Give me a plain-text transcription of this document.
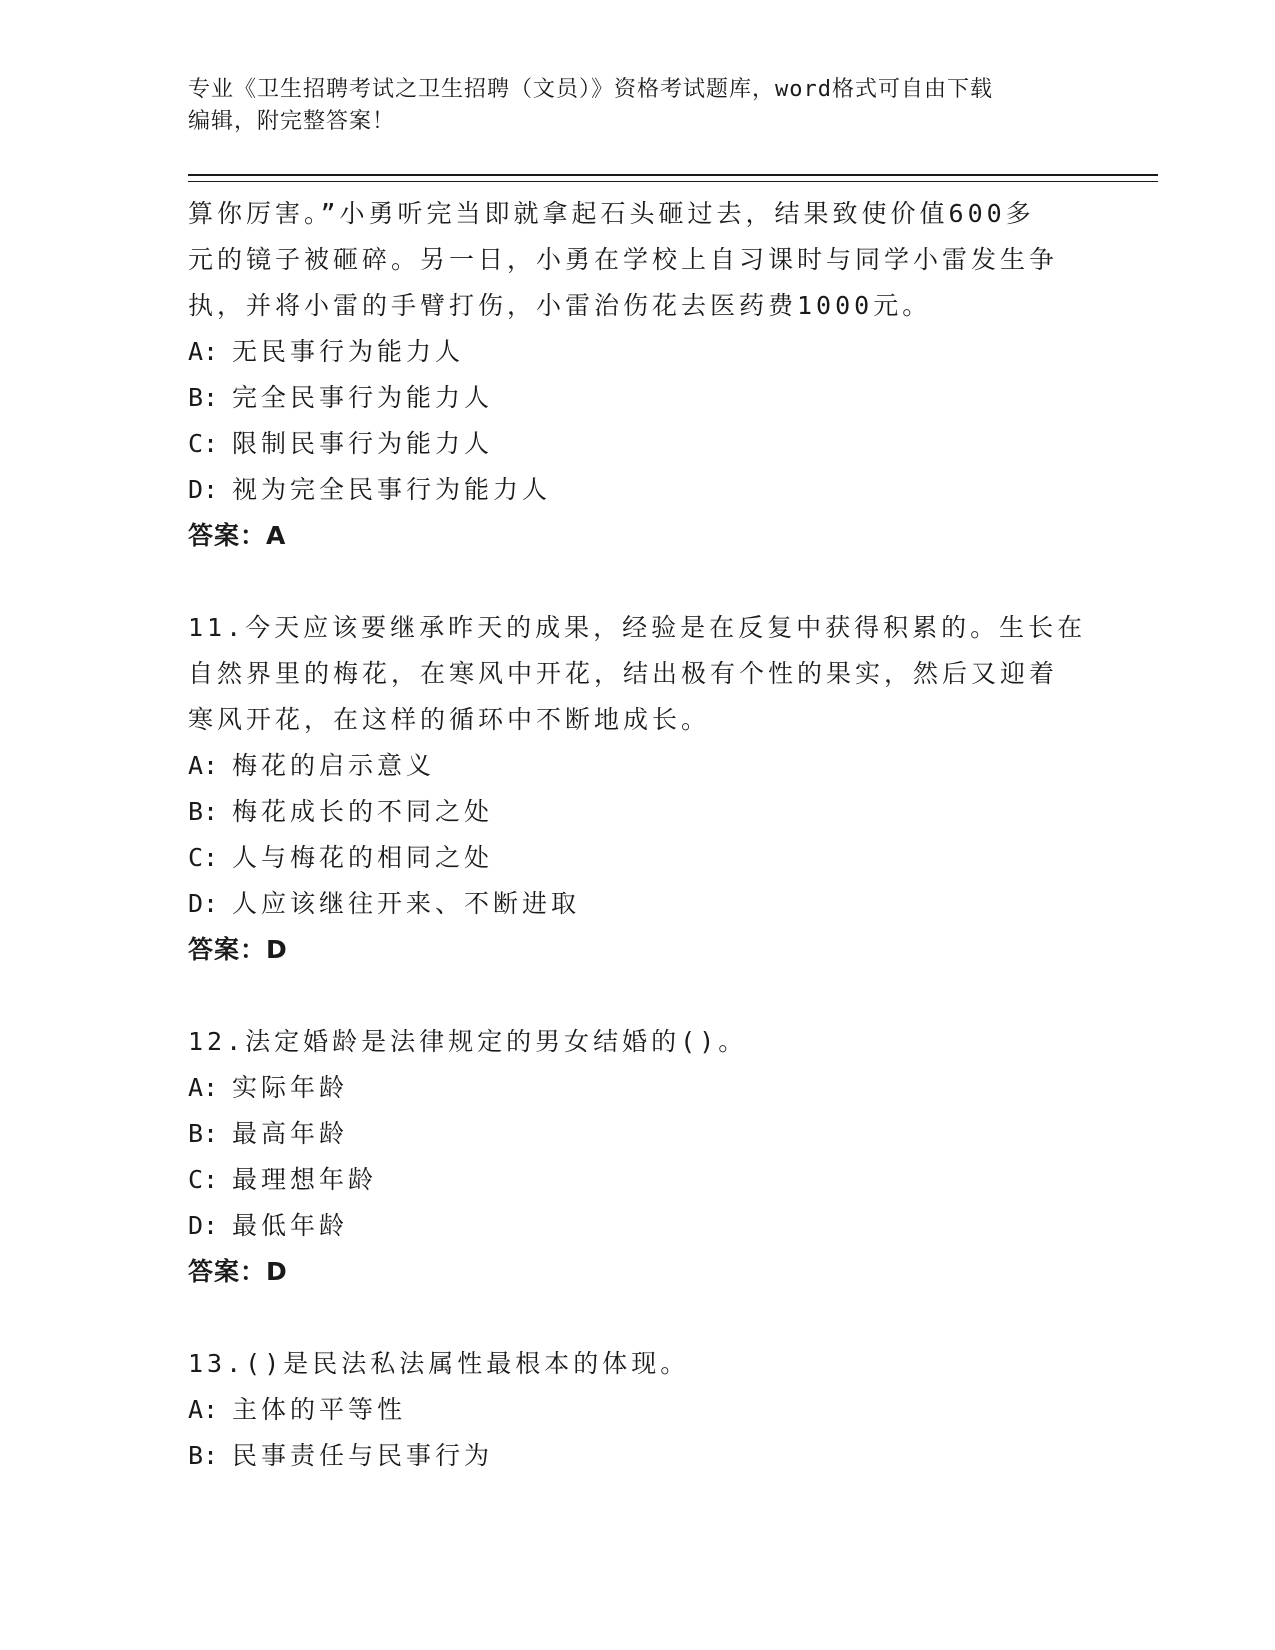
专业《卫生招聘考试之卫生招聘（文员）》资格考试题库，word格式可自由下载
编辑，附完整答案！

算你厉害。”小勇听完当即就拿起石头砸过去，结果致使价值600多

元的镜子被砸碎。另一日，小勇在学校上自习课时与同学小雷发生争

执，并将小雷的手臂打伤，小雷治伤花去医药费1000元。

A: 无民事行为能力人

B: 完全民事行为能力人

C: 限制民事行为能力人

D: 视为完全民事行为能力人

答案：A

11.今天应该要继承昨天的成果，经验是在反复中获得积累的。生长在

自然界里的梅花，在寒风中开花，结出极有个性的果实，然后又迎着

寒风开花，在这样的循环中不断地成长。

A: 梅花的启示意义

B: 梅花成长的不同之处

C: 人与梅花的相同之处

D: 人应该继往开来、不断进取

答案：D

12.法定婚龄是法律规定的男女结婚的()。

A: 实际年龄

B: 最高年龄

C: 最理想年龄

D: 最低年龄

答案：D

13.()是民法私法属性最根本的体现。

A: 主体的平等性

B: 民事责任与民事行为
